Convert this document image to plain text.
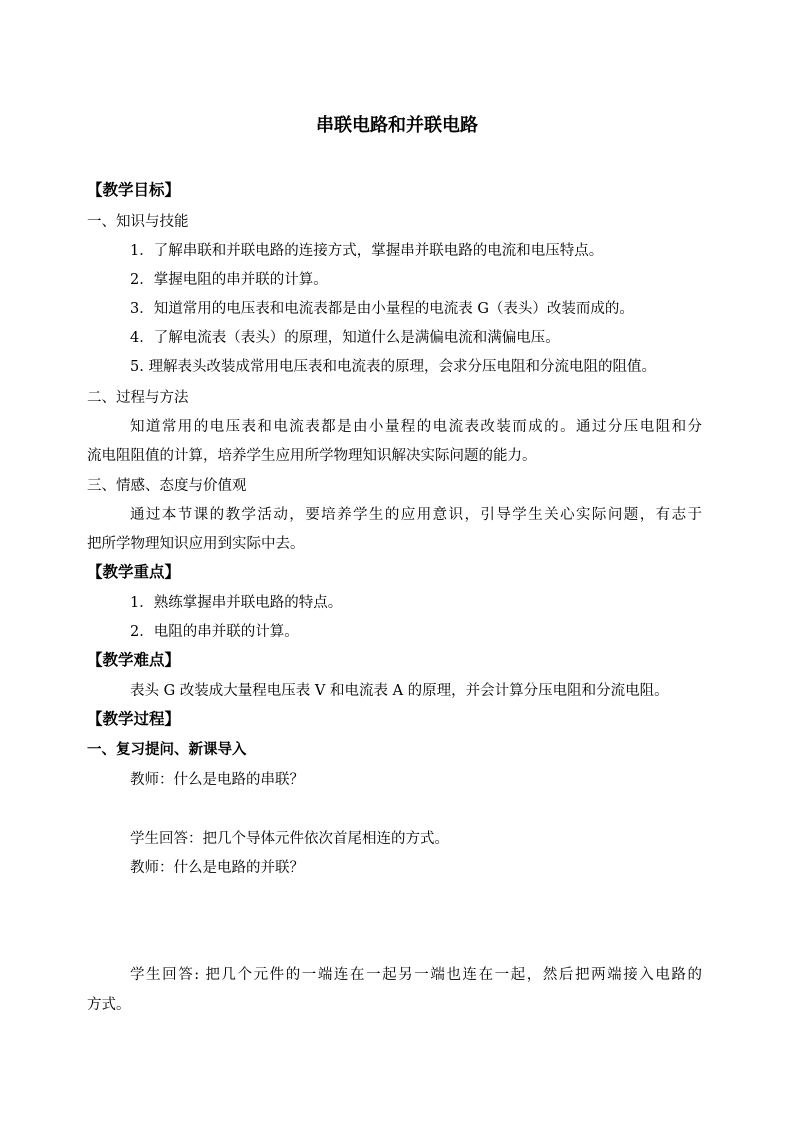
串联电路和并联电路
【教学目标】
一、知识与技能
1．了解串联和并联电路的连接方式，掌握串并联电路的电流和电压特点。
2．掌握电阻的串并联的计算。
3．知道常用的电压表和电流表都是由小量程的电流表 G（表头）改装而成的。
4．了解电流表（表头）的原理，知道什么是满偏电流和满偏电压。
5. 理解表头改装成常用电压表和电流表的原理，会求分压电阻和分流电阻的阻值。
二、过程与方法
知道常用的电压表和电流表都是由小量程的电流表改装而成的。通过分压电阻和分
流电阻阻值的计算，培养学生应用所学物理知识解决实际问题的能力。
三、情感、态度与价值观
通过本节课的教学活动，要培养学生的应用意识，引导学生关心实际问题，有志于
把所学物理知识应用到实际中去。
【教学重点】
1．熟练掌握串并联电路的特点。
2．电阻的串并联的计算。
【教学难点】
表头 G 改装成大量程电压表 V 和电流表 A 的原理，并会计算分压电阻和分流电阻。
【教学过程】
一、复习提问、新课导入
教师：什么是电路的串联？
学生回答：把几个导体元件依次首尾相连的方式。
教师：什么是电路的并联？
学生回答: 把几个元件的一端连在一起另一端也连在一起，然后把两端接入电路的
方式。
